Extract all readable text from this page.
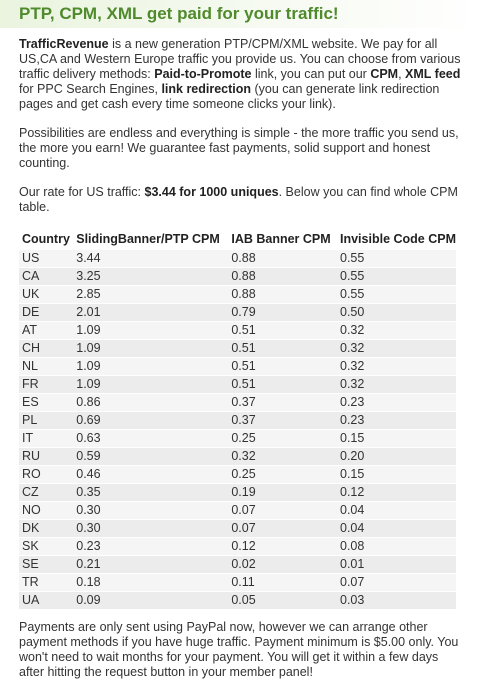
PTP, CPM, XML get paid for your traffic!

TrafficRevenue is a new generation PTP/CPM/XML website. We pay for all US,CA and Western Europe traffic you provide us. You can choose from various traffic delivery methods: Paid-to-Promote link, you can put our CPM, XML feed for PPC Search Engines, link redirection (you can generate link redirection pages and get cash every time someone clicks your link).

Possibilities are endless and everything is simple - the more traffic you send us, the more you earn! We guarantee fast payments, solid support and honest counting.

Our rate for US traffic: $3.44 for 1000 uniques. Below you can find whole CPM table.

Country	SlidingBanner/PTP CPM	IAB Banner CPM	Invisible Code CPM
US	3.44	0.88	0.55
CA	3.25	0.88	0.55
UK	2.85	0.88	0.55
DE	2.01	0.79	0.50
AT	1.09	0.51	0.32
CH	1.09	0.51	0.32
NL	1.09	0.51	0.32
FR	1.09	0.51	0.32
ES	0.86	0.37	0.23
PL	0.69	0.37	0.23
IT	0.63	0.25	0.15
RU	0.59	0.32	0.20
RO	0.46	0.25	0.15
CZ	0.35	0.19	0.12
NO	0.30	0.07	0.04
DK	0.30	0.07	0.04
SK	0.23	0.12	0.08
SE	0.21	0.02	0.01
TR	0.18	0.11	0.07
UA	0.09	0.05	0.03

Payments are only sent using PayPal now, however we can arrange other payment methods if you have huge traffic. Payment minimum is $5.00 only. You won't need to wait months for your payment. You will get it within a few days after hitting the request button in your member panel!
